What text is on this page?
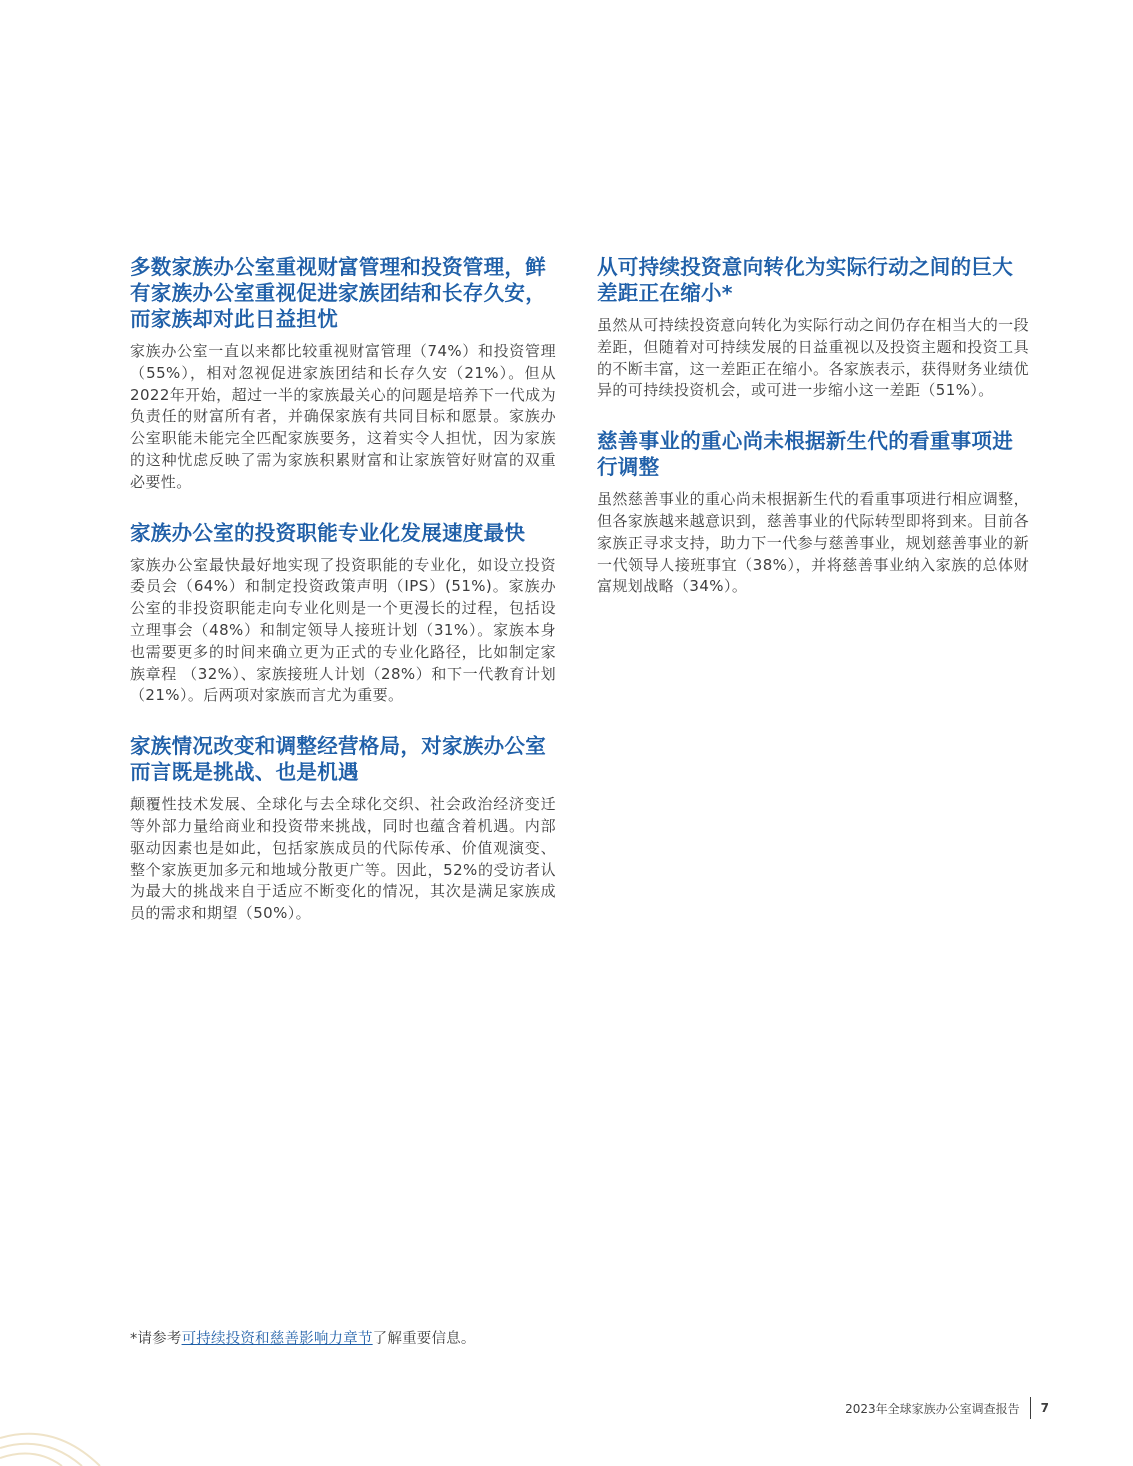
多数家族办公室重视财富管理和投资管理，鲜有家族办公室重视促进家族团结和长存久安，而家族却对此日益担忧

家族办公室一直以来都比较重视财富管理（74%）和投资管理（55%），相对忽视促进家族团结和长存久安（21%）。但从2022年开始，超过一半的家族最关心的问题是培养下一代成为负责任的财富所有者，并确保家族有共同目标和愿景。家族办公室职能未能完全匹配家族要务，这着实令人担忧，因为家族的这种忧虑反映了需为家族积累财富和让家族管好财富的双重必要性。

家族办公室的投资职能专业化发展速度最快

家族办公室最快最好地实现了投资职能的专业化，如设立投资委员会（64%）和制定投资政策声明（IPS）(51%)。家族办公室的非投资职能走向专业化则是一个更漫长的过程，包括设立理事会（48%）和制定领导人接班计划（31%）。家族本身也需要更多的时间来确立更为正式的专业化路径，比如制定家族章程 （32%）、家族接班人计划（28%）和下一代教育计划（21%）。后两项对家族而言尤为重要。

家族情况改变和调整经营格局，对家族办公室而言既是挑战、也是机遇

颠覆性技术发展、全球化与去全球化交织、社会政治经济变迁等外部力量给商业和投资带来挑战，同时也蕴含着机遇。内部驱动因素也是如此，包括家族成员的代际传承、价值观演变、整个家族更加多元和地域分散更广等。因此，52%的受访者认为最大的挑战来自于适应不断变化的情况，其次是满足家族成员的需求和期望（50%）。

从可持续投资意向转化为实际行动之间的巨大差距正在缩小*

虽然从可持续投资意向转化为实际行动之间仍存在相当大的一段差距，但随着对可持续发展的日益重视以及投资主题和投资工具的不断丰富，这一差距正在缩小。各家族表示，获得财务业绩优异的可持续投资机会，或可进一步缩小这一差距（51%）。

慈善事业的重心尚未根据新生代的看重事项进行调整

虽然慈善事业的重心尚未根据新生代的看重事项进行相应调整，但各家族越来越意识到，慈善事业的代际转型即将到来。目前各家族正寻求支持，助力下一代参与慈善事业，规划慈善事业的新一代领导人接班事宜（38%），并将慈善事业纳入家族的总体财富规划战略（34%）。

*请参考可持续投资和慈善影响力章节了解重要信息。
2023年全球家族办公室调查报告 7
